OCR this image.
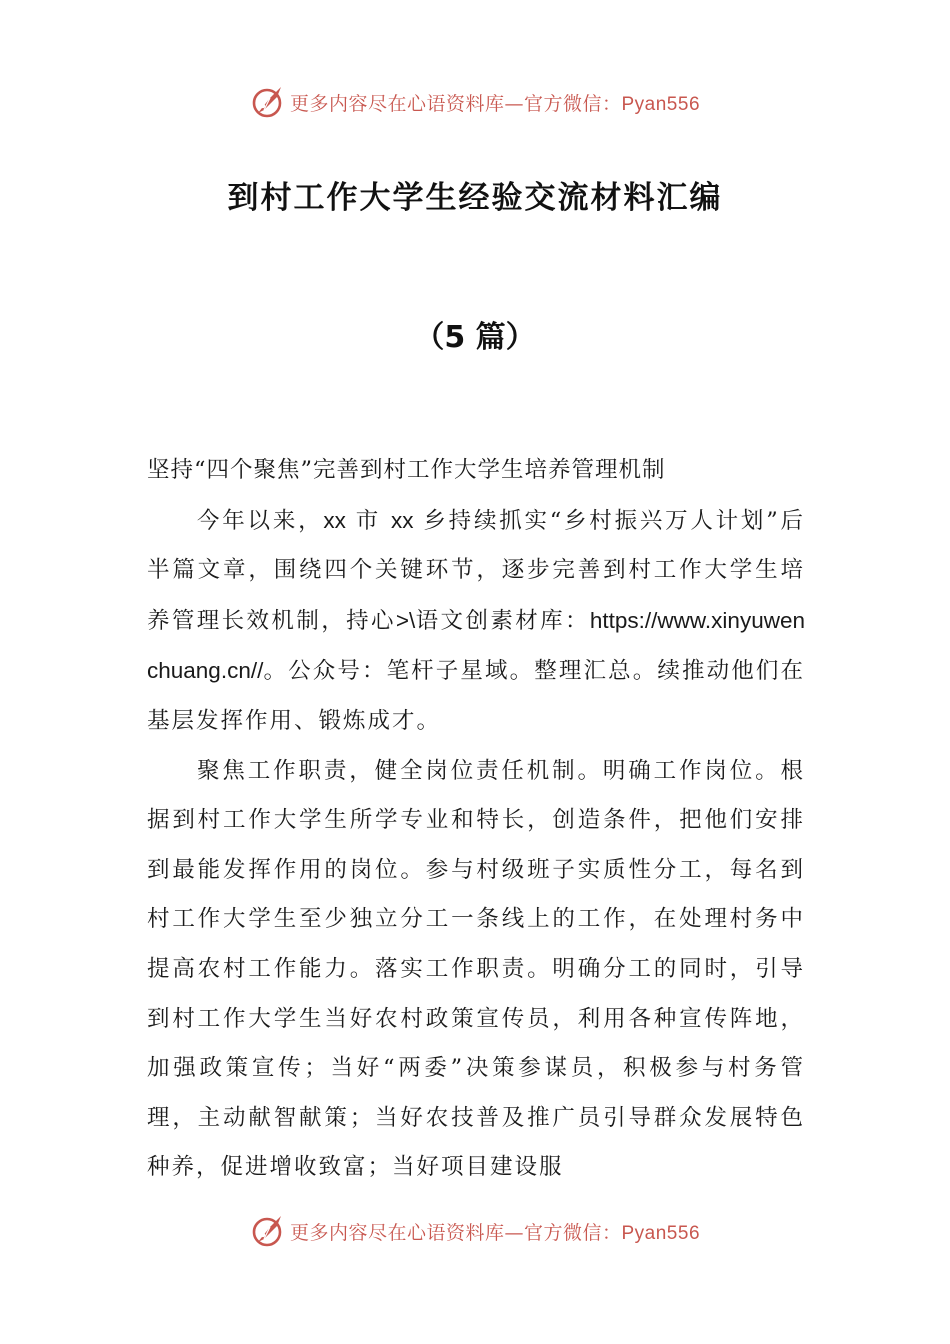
更多内容尽在心语资料库—官方微信：Pyan556
到村工作大学生经验交流材料汇编
（5 篇）

坚持“四个聚焦”完善到村工作大学生培养管理机制

今年以来，xx 市 xx 乡持续抓实“乡村振兴万人计划”后半篇文章，围绕四个关键环节，逐步完善到村工作大学生培养管理长效机制，持心>\语文创素材库：https://www.xinyuwenchuang.cn//。公众号：笔杆子星域。整理汇总。续推动他们在基层发挥作用、锻炼成才。

聚焦工作职责，健全岗位责任机制。明确工作岗位。根据到村工作大学生所学专业和特长，创造条件，把他们安排到最能发挥作用的岗位。参与村级班子实质性分工，每名到村工作大学生至少独立分工一条线上的工作，在处理村务中提高农村工作能力。落实工作职责。明确分工的同时，引导到村工作大学生当好农村政策宣传员，利用各种宣传阵地，加强政策宣传；当好“两委”决策参谋员，积极参与村务管理，主动献智献策；当好农技普及推广员引导群众发展特色种养，促进增收致富；当好项目建设服

更多内容尽在心语资料库—官方微信：Pyan556
